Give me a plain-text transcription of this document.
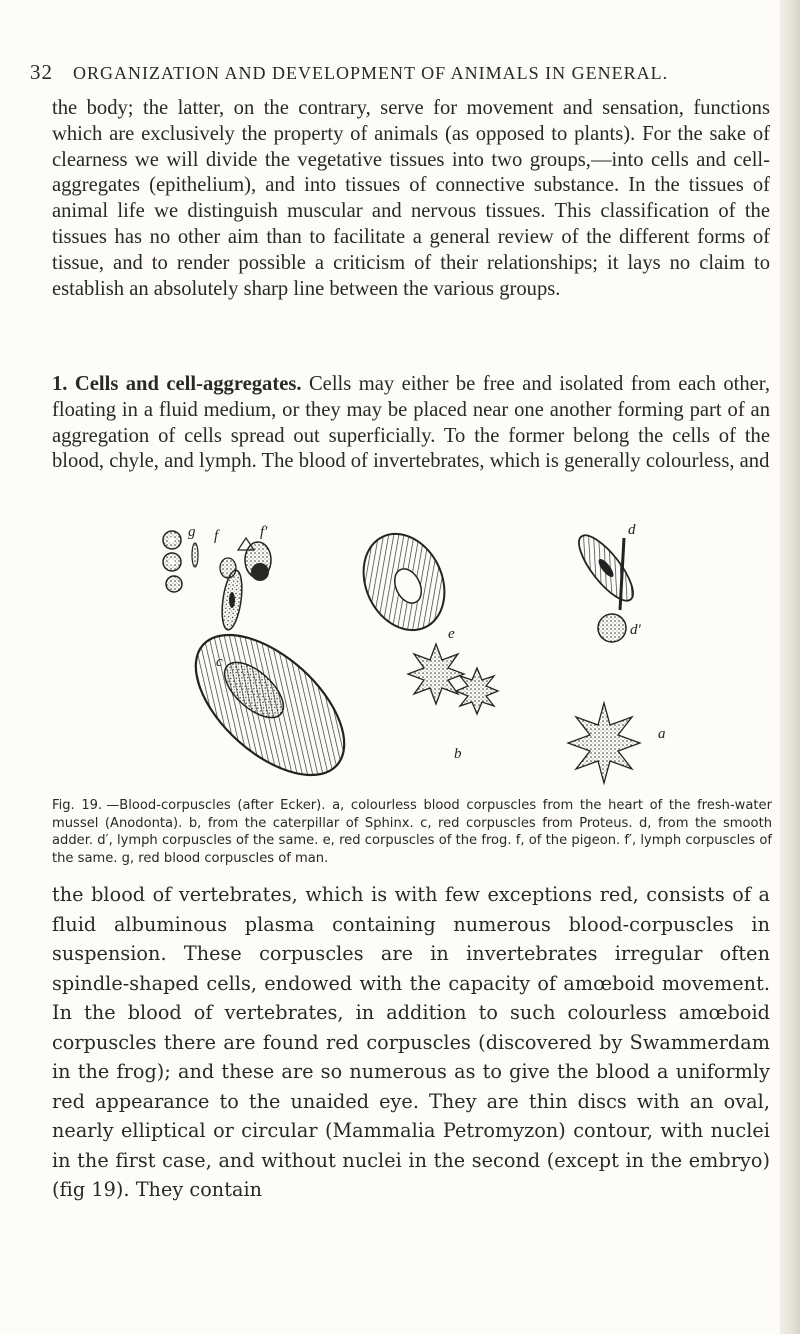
32 ORGANIZATION AND DEVELOPMENT OF ANIMALS IN GENERAL.

the body; the latter, on the contrary, serve for movement and sensation, functions which are exclusively the property of animals (as opposed to plants). For the sake of clearness we will divide the vegetative tissues into two groups,—into cells and cell-aggregates (epithelium), and into tissues of connective substance. In the tissues of animal life we distinguish muscular and nervous tissues. This classification of the tissues has no other aim than to facilitate a general review of the different forms of tissue, and to render possible a criticism of their relationships; it lays no claim to establish an absolutely sharp line between the various groups.

1. Cells and cell-aggregates. Cells may either be free and isolated from each other, floating in a fluid medium, or they may be placed near one another forming part of an aggregation of cells spread out superficially. To the former belong the cells of the blood, chyle, and lymph. The blood of invertebrates, which is generally colourless, and

g f	f′
e
d
d′
c
b
a

Fig. 19. —Blood-corpuscles (after Ecker). a, colourless blood corpuscles from the heart of the fresh-water mussel (Anodonta). b, from the caterpillar of Sphinx. c, red corpuscles from Proteus. d, from the smooth adder. d′, lymph corpuscles of the same. e, red corpuscles of the frog. f, of the pigeon. f′, lymph corpuscles of the same. g, red blood corpuscles of man.

the blood of vertebrates, which is with few exceptions red, consists of a fluid albuminous plasma containing numerous blood-corpuscles in suspension. These corpuscles are in invertebrates irregular often spindle-shaped cells, endowed with the capacity of amœboid movement. In the blood of vertebrates, in addition to such colourless amœboid corpuscles there are found red corpuscles (discovered by Swammerdam in the frog); and these are so numerous as to give the blood a uniformly red appearance to the unaided eye. They are thin discs with an oval, nearly elliptical or circular (Mammalia Petromyzon) contour, with nuclei in the first case, and without nuclei in the second (except in the embryo) (fig 19). They contain
